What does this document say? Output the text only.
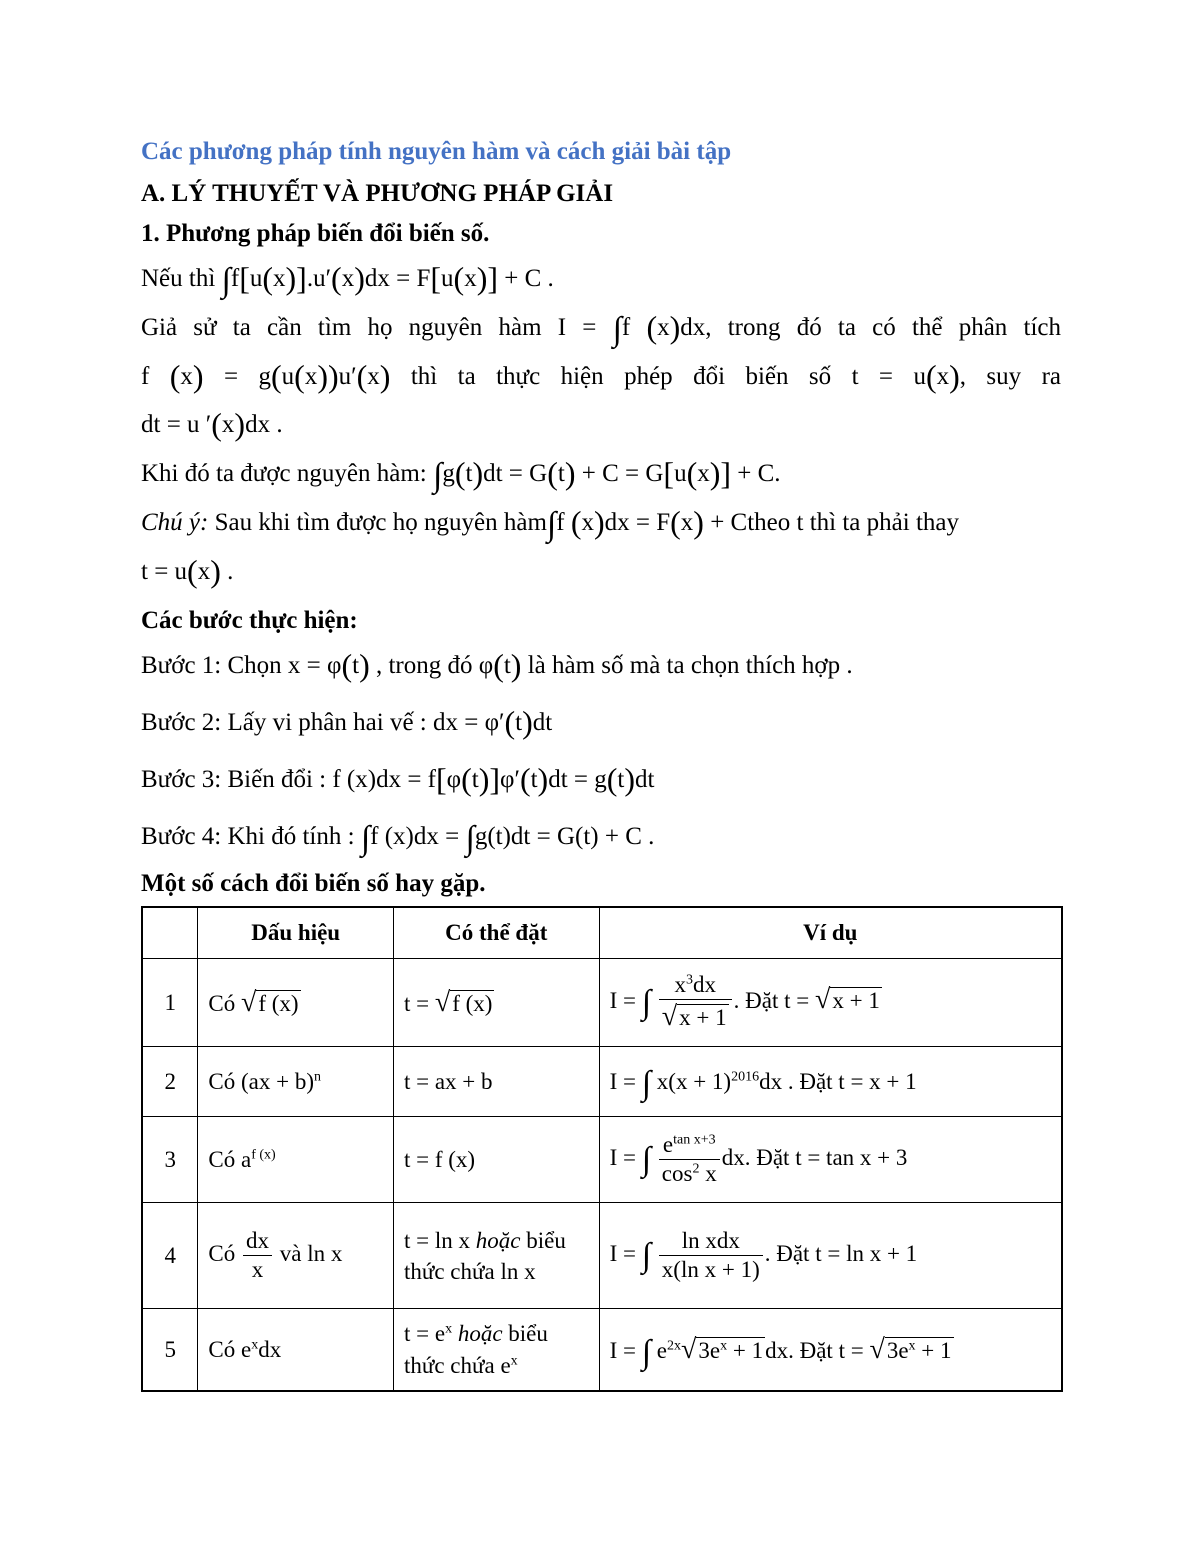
Các phương pháp tính nguyên hàm và cách giải bài tập
A. LÝ THUYẾT VÀ PHƯƠNG PHÁP GIẢI
1. Phương pháp biến đổi biến số.
Nếu thì ∫f[u(x)].u′(x)dx = F[u(x)] + C .
Giả sử ta cần tìm họ nguyên hàm I = ∫f (x)dx, trong đó ta có thể phân tích
f (x) = g(u(x))u′(x) thì ta thực hiện phép đổi biến số t = u(x), suy ra
dt = u ′(x)dx .
Khi đó ta được nguyên hàm: ∫g(t)dt = G(t) + C = G[u(x)] + C.
Chú ý: Sau khi tìm được họ nguyên hàm∫f (x)dx = F(x) + Ctheo t thì ta phải thay
t = u(x) .
Các bước thực hiện:
Bước 1: Chọn x = φ(t) , trong đó φ(t) là hàm số mà ta chọn thích hợp .
Bước 2: Lấy vi phân hai vế : dx = φ′(t)dt
Bước 3: Biến đổi : f (x)dx = f[φ(t)]φ′(t)dt = g(t)dt
Bước 4: Khi đó tính : ∫f (x)dx = ∫g(t)dt = G(t) + C .
Một số cách đổi biến số hay gặp.
	Dấu hiệu	Có thể đặt	Ví dụ
1	Có √f (x)	t = √f (x)	I = ∫ $\frac{x^3dx}{√x + 1}$ . Đặt t = √x + 1
2	Có (ax + b)$^n$	t = ax + b	I = ∫ $x(x + 1)^{2016}dx$ . Đặt t = x + 1
3	Có $a^{f (x)}$	t = f (x)	I = ∫ $\frac{e^{tan x+3}}{\cos^2 x}$ dx. Đặt t = tan x + 3
4	Có $\frac{dx}{x}$ và ln x	t = ln x hoặc biểu thức chứa ln x	I = ∫ $\frac{\text{ln xdx}}{\text{x(ln x + 1)}}$ . Đặt t = ln x + 1
5	Có $e^xdx$	$t = e^x$ hoặc biểu thức chứa $e^x$	I = ∫ $e^{2x}√3e^x + 1dx$. Đặt $t = √3e^x + 1$
